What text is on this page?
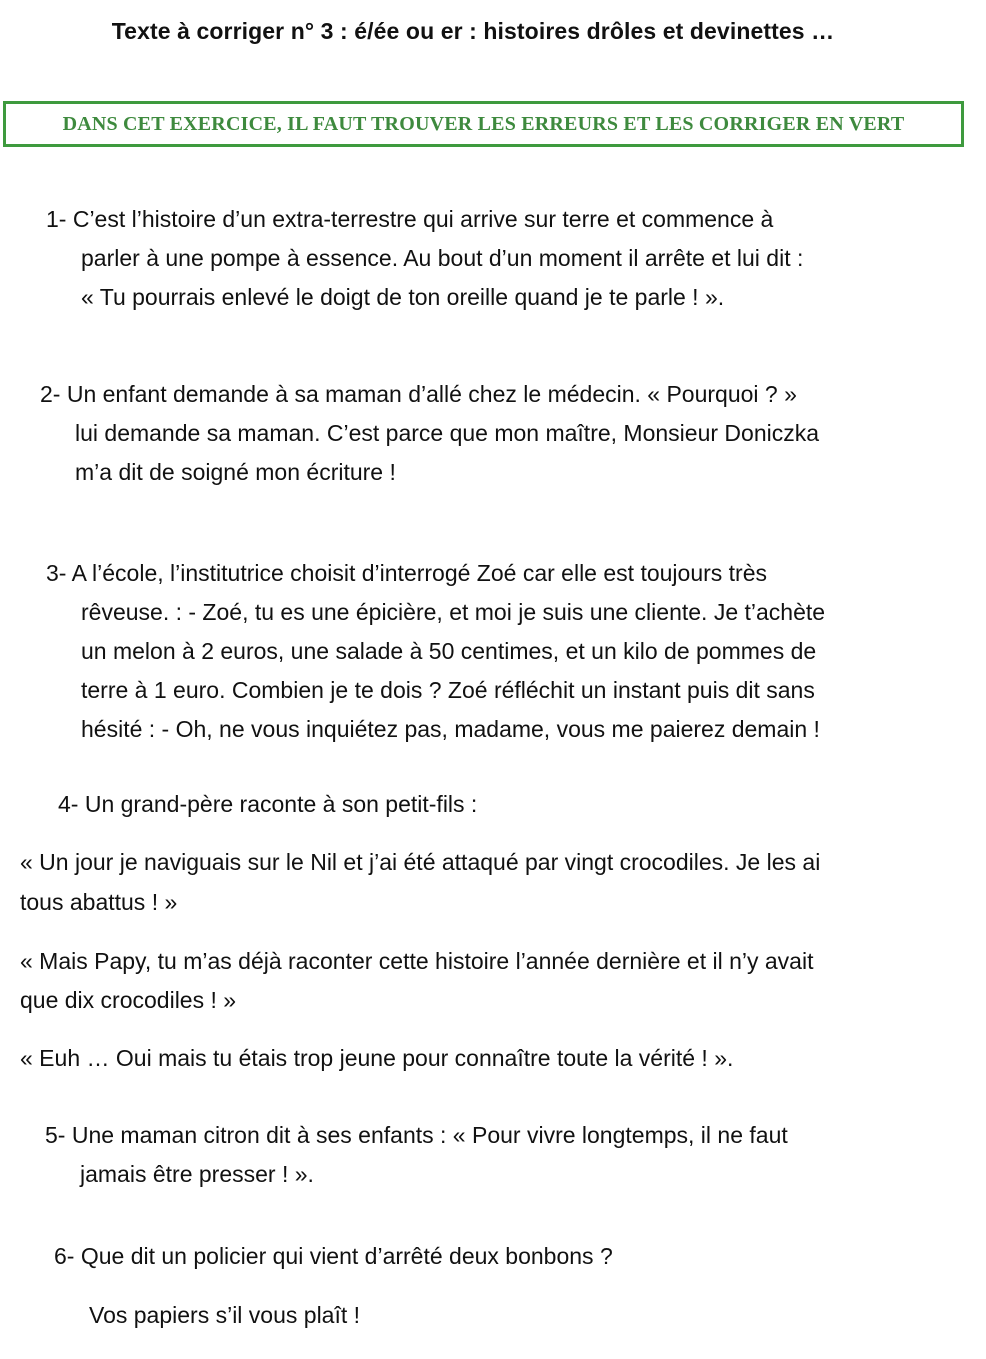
Texte à corriger n° 3 : é/ée ou er : histoires drôles et devinettes …
DANS CET EXERCICE, IL FAUT TROUVER LES ERREURS ET LES CORRIGER EN VERT
1- C’est l’histoire d’un extra-terrestre qui arrive sur terre et commence à
parler à une pompe à essence. Au bout d’un moment il arrête et lui dit :
« Tu pourrais enlevé le doigt de ton oreille quand je te parle ! ».
2- Un enfant demande à sa maman d’allé chez le médecin. « Pourquoi ? »
lui demande sa maman. C’est parce que mon maître, Monsieur Doniczka
m’a dit de soigné mon écriture !
3- A l’école, l’institutrice choisit d’interrogé Zoé car elle est toujours très
rêveuse. : - Zoé, tu es une épicière, et moi je suis une cliente. Je t’achète
un melon à 2 euros, une salade à 50 centimes, et un kilo de pommes de
terre à 1 euro. Combien je te dois ? Zoé réfléchit un instant puis dit sans
hésité : - Oh, ne vous inquiétez pas, madame, vous me paierez demain !
4- Un grand-père raconte à son petit-fils :
« Un jour je naviguais sur le Nil et j’ai été attaqué par vingt crocodiles. Je les ai
tous abattus ! »
« Mais Papy, tu m’as déjà raconter cette histoire l’année dernière et il n’y avait
que dix crocodiles ! »
« Euh … Oui mais tu étais trop jeune pour connaître toute la vérité ! ».
5- Une maman citron dit à ses enfants : « Pour vivre longtemps, il ne faut
jamais être presser ! ».
6- Que dit un policier qui vient d’arrêté deux bonbons ?
Vos papiers s’il vous plaît !
